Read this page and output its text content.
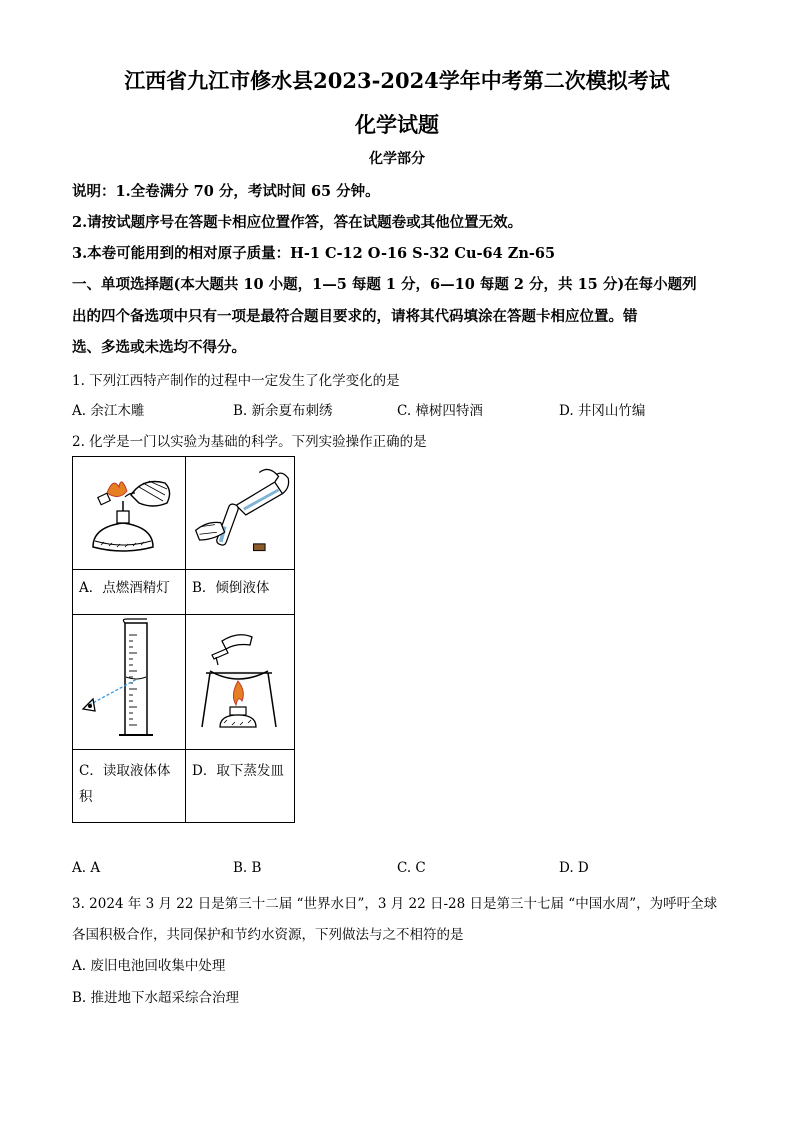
江西省九江市修水县2023-2024学年中考第二次模拟考试
化学试题
化学部分
说明：1.全卷满分 70 分，考试时间 65 分钟。
2.请按试题序号在答题卡相应位置作答，答在试题卷或其他位置无效。
3.本卷可能用到的相对原子质量：H-1 C-12 O-16 S-32 Cu-64 Zn-65
一、单项选择题(本大题共 10 小题，1—5 每题 1 分，6—10 每题 2 分，共 15 分)在每小题列
出的四个备选项中只有一项是最符合题目要求的，请将其代码填涂在答题卡相应位置。错
选、多选或未选均不得分。
1. 下列江西特产制作的过程中一定发生了化学变化的是
A. 余江木雕	B. 新余夏布刺绣	C. 樟树四特酒	D. 井冈山竹编
2. 化学是一门以实验为基础的科学。下列实验操作正确的是

A．点燃酒精灯	B．倾倒液体

C．读取液体体积	D．取下蒸发皿
A. A	B. B	C. C	D. D
3. 2024 年 3 月 22 日是第三十二届 “世界水日”，3 月 22 日-28 日是第三十七届 “中国水周”，为呼吁全球
各国积极合作，共同保护和节约水资源，下列做法与之不相符的是
A. 废旧电池回收集中处理
B. 推进地下水超采综合治理
